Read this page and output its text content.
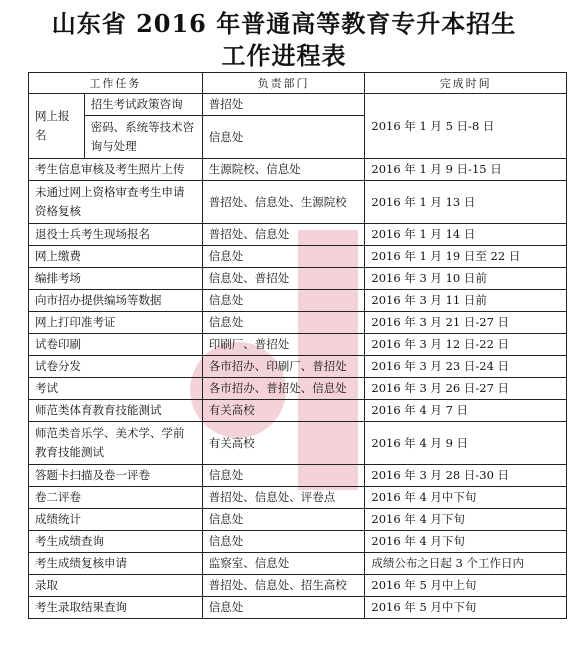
山东省 2016 年普通高等教育专升本招生
工作进程表
工作任务		负责部门	完成时间
网上报名	招生考试政策咨询	普招处	2016 年 1 月 5 日-8 日
	密码、系统等技术咨询与处理	信息处	
考生信息审核及考生照片上传		生源院校、信息处	2016 年 1 月 9 日-15 日
未通过网上资格审查考生申请资格复核		普招处、信息处、生源院校	2016 年 1 月 13 日
退役士兵考生现场报名		普招处、信息处	2016 年 1 月 14 日
网上缴费		信息处	2016 年 1 月 19 日至 22 日
编排考场		信息处、普招处	2016 年 3 月 10 日前
向市招办提供编场等数据		信息处	2016 年 3 月 11 日前
网上打印准考证		信息处	2016 年 3 月 21 日-27 日
试卷印刷		印刷厂、普招处	2016 年 3 月 12 日-22 日
试卷分发		各市招办、印刷厂、普招处	2016 年 3 月 23 日-24 日
考试		各市招办、普招处、信息处	2016 年 3 月 26 日-27 日
师范类体育教育技能测试		有关高校	2016 年 4 月 7 日
师范类音乐学、美术学、学前教育技能测试		有关高校	2016 年 4 月 9 日
答题卡扫描及卷一评卷		信息处	2016 年 3 月 28 日-30 日
卷二评卷		普招处、信息处、评卷点	2016 年 4 月中下旬
成绩统计		信息处	2016 年 4 月下旬
考生成绩查询		信息处	2016 年 4 月下旬
考生成绩复核申请		监察室、信息处	成绩公布之日起 3 个工作日内
录取		普招处、信息处、招生高校	2016 年 5 月中上旬
考生录取结果查询		信息处	2016 年 5 月中下旬
